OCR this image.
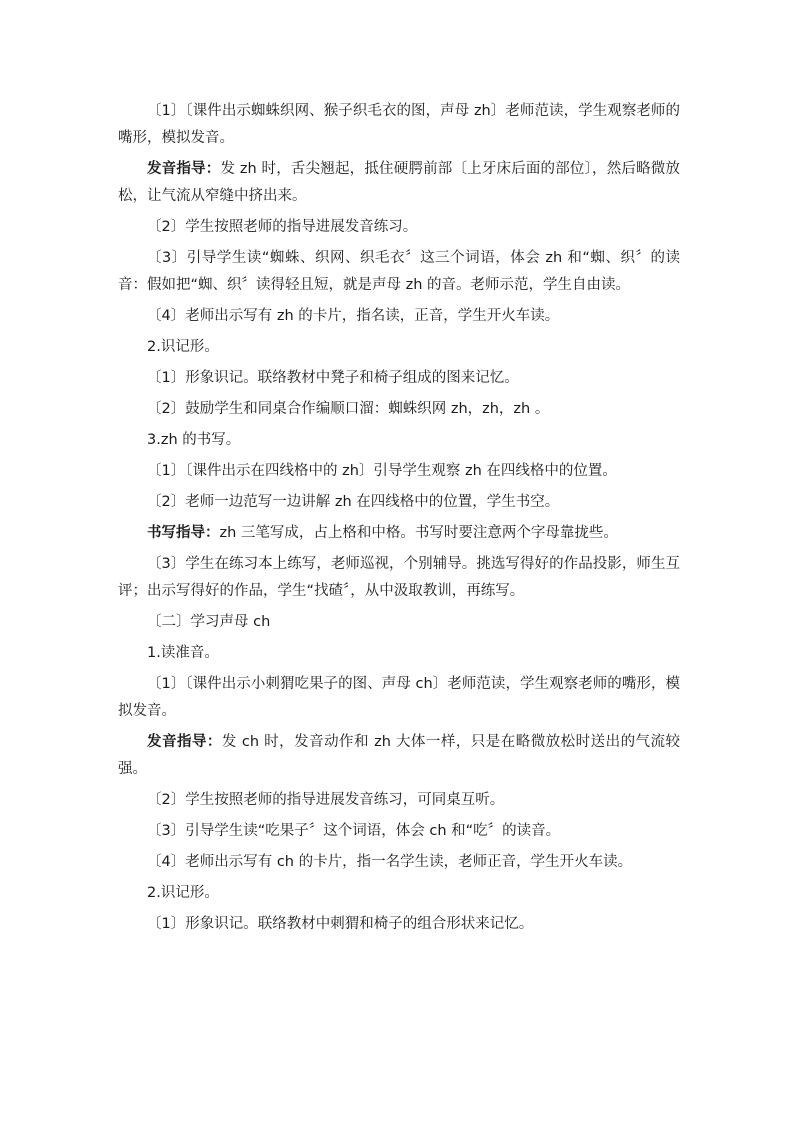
〔1〕〔课件出示蜘蛛织网、猴子织毛衣的图，声母 zh〕老师范读，学生观察老师的嘴形，模拟发音。

发音指导：发 zh 时，舌尖翘起，抵住硬腭前部〔上牙床后面的部位〕，然后略微放松，让气流从窄缝中挤出来。

〔2〕学生按照老师的指导进展发音练习。

〔3〕引导学生读“蜘蛛、织网、织毛衣〞这三个词语，体会 zh 和“蜘、织〞的读音：假如把“蜘、织〞读得轻且短，就是声母 zh 的音。老师示范，学生自由读。

〔4〕老师出示写有 zh 的卡片，指名读，正音，学生开火车读。

2.识记形。

〔1〕形象识记。联络教材中凳子和椅子组成的图来记忆。

〔2〕鼓励学生和同桌合作编顺口溜：蜘蛛织网 zh，zh，zh 。

3.zh 的书写。

〔1〕〔课件出示在四线格中的 zh〕引导学生观察 zh 在四线格中的位置。

〔2〕老师一边范写一边讲解 zh 在四线格中的位置，学生书空。

书写指导：zh 三笔写成，占上格和中格。书写时要注意两个字母靠拢些。

〔3〕学生在练习本上练写，老师巡视，个别辅导。挑选写得好的作品投影，师生互评；出示写得好的作品，学生“找碴〞，从中汲取教训，再练写。

〔二〕学习声母 ch

1.读准音。

〔1〕〔课件出示小刺猬吃果子的图、声母 ch〕老师范读，学生观察老师的嘴形，模拟发音。

发音指导：发 ch 时，发音动作和 zh 大体一样，只是在略微放松时送出的气流较强。

〔2〕学生按照老师的指导进展发音练习，可同桌互听。

〔3〕引导学生读“吃果子〞这个词语，体会 ch 和“吃〞的读音。

〔4〕老师出示写有 ch 的卡片，指一名学生读，老师正音，学生开火车读。

2.识记形。

〔1〕形象识记。联络教材中刺猬和椅子的组合形状来记忆。
